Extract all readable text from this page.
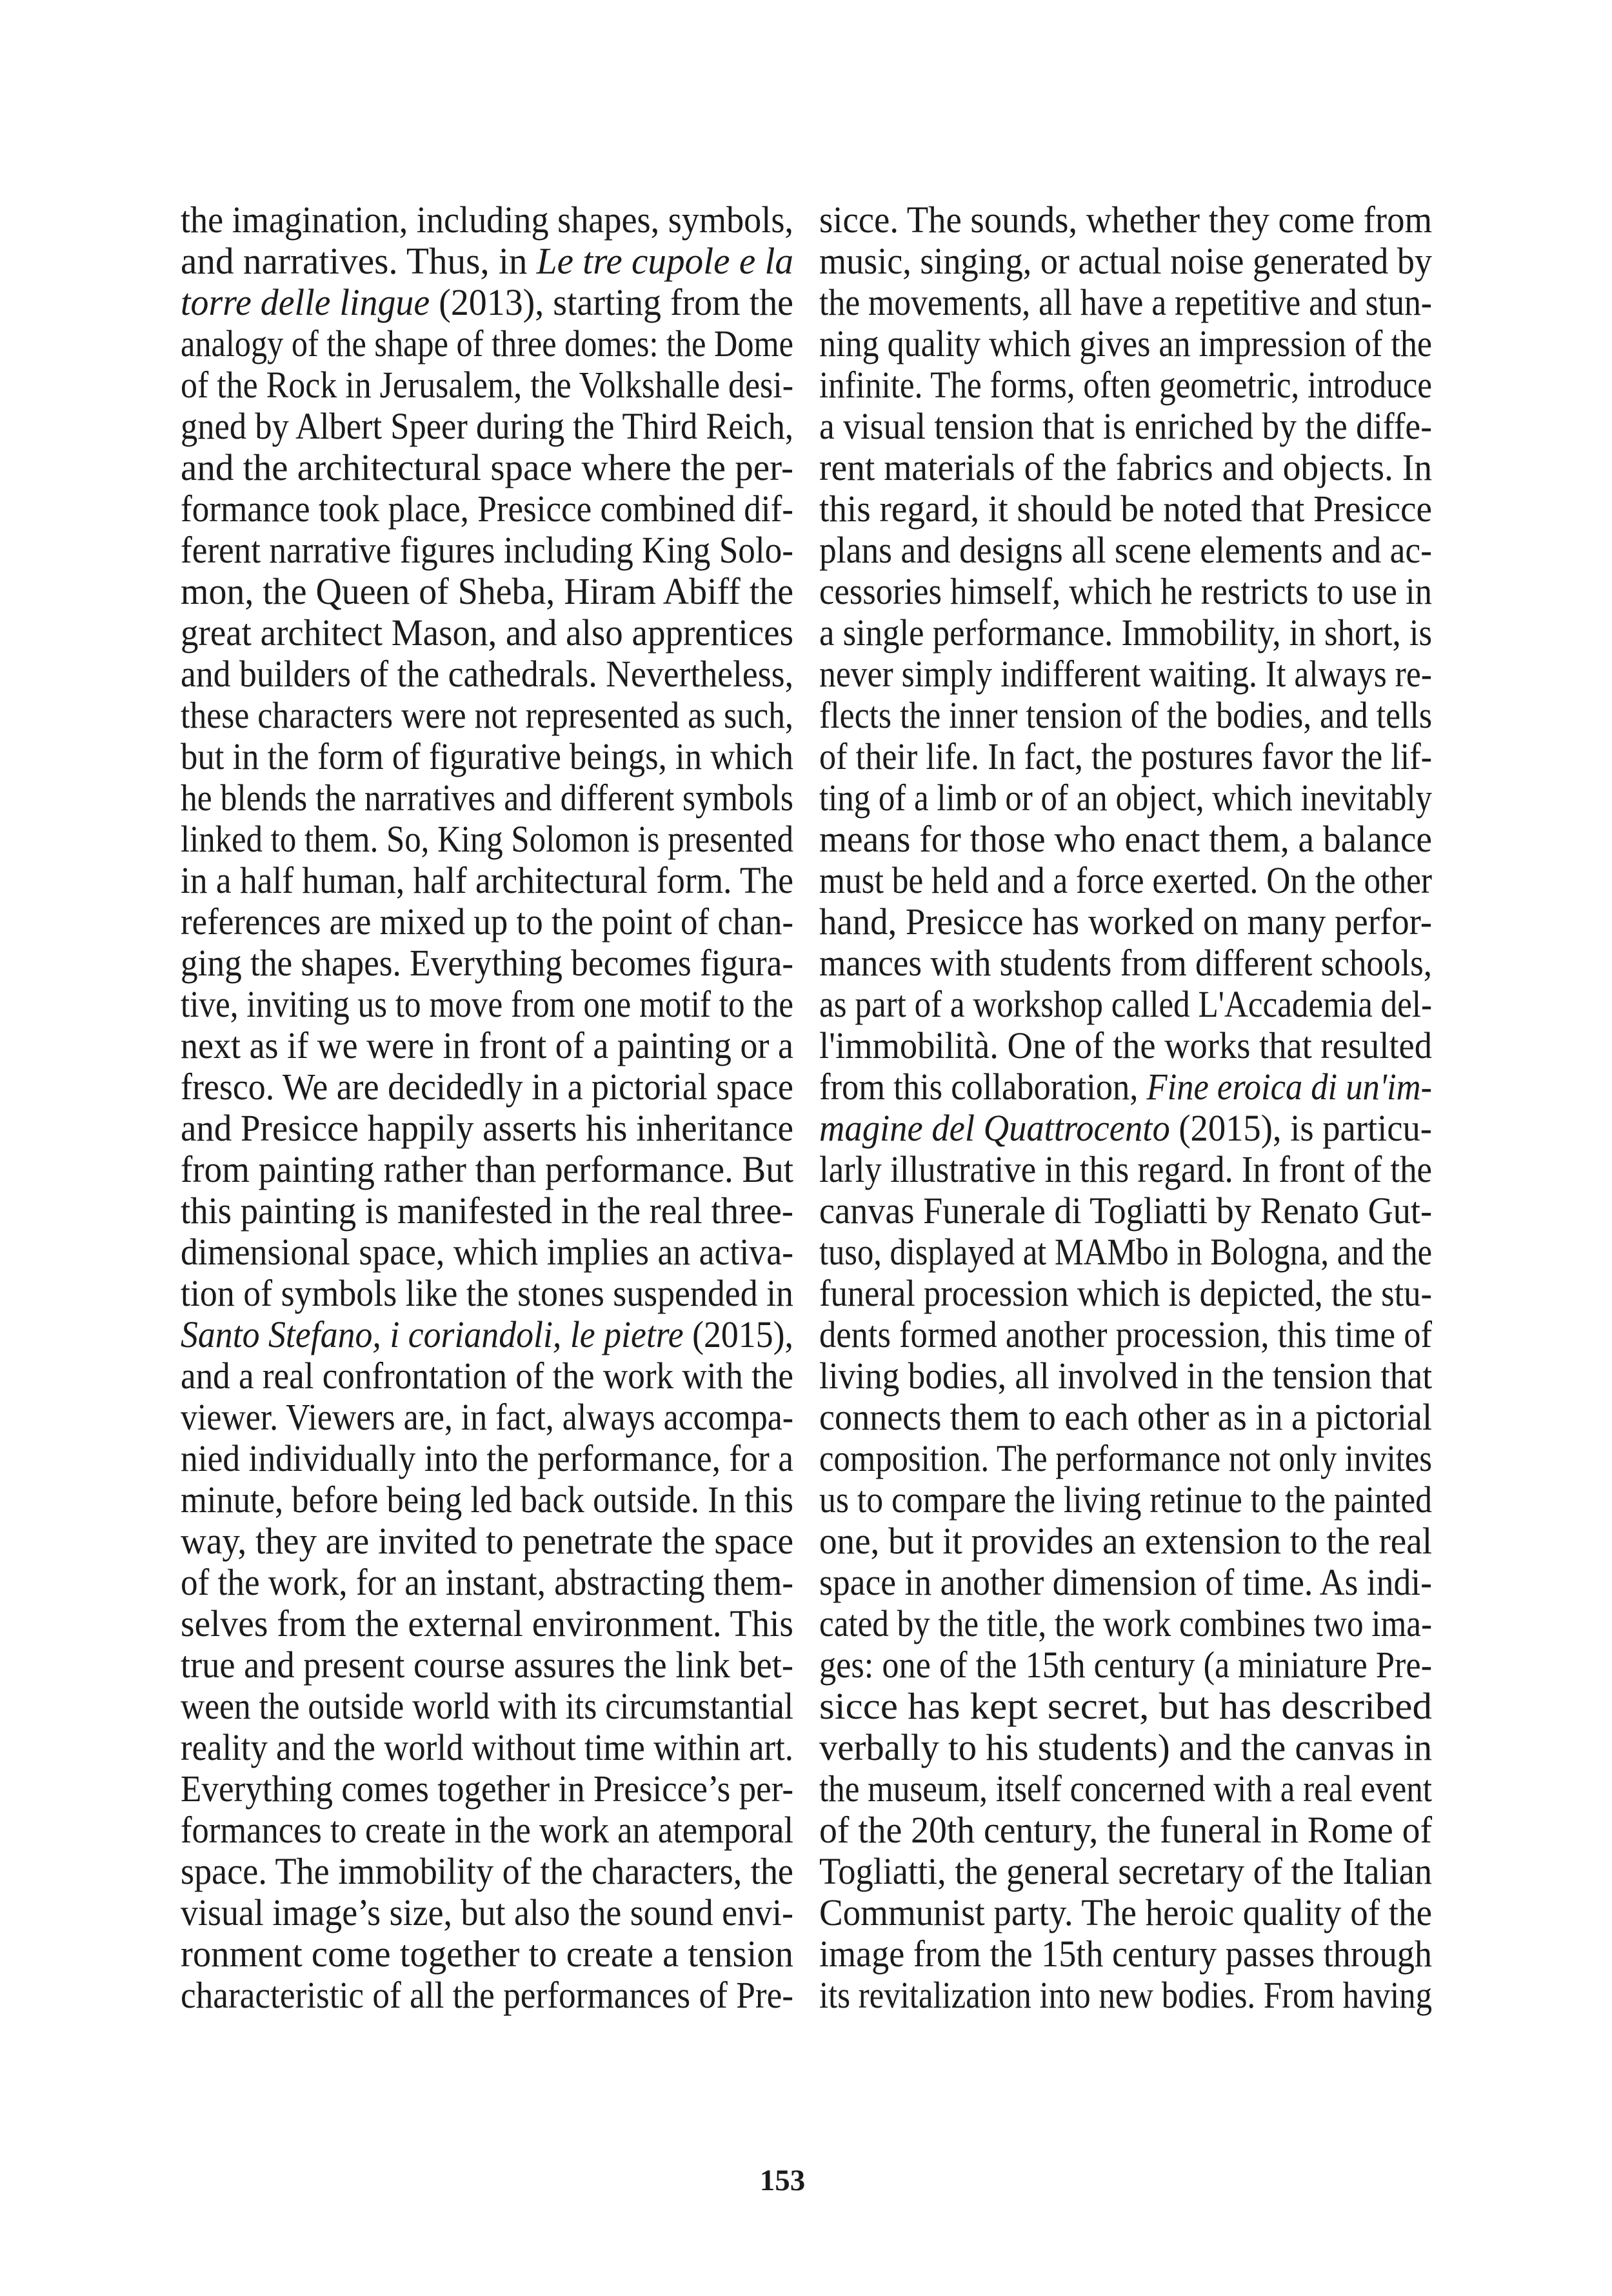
the imagination, including shapes, symbols,
and narratives. Thus, in Le tre cupole e la
torre delle lingue (2013), starting from the
analogy of the shape of three domes: the Dome
of the Rock in Jerusalem, the Volkshalle desi-
gned by Albert Speer during the Third Reich,
and the architectural space where the per-
formance took place, Presicce combined dif-
ferent narrative figures including King Solo-
mon, the Queen of Sheba, Hiram Abiff the
great architect Mason, and also apprentices
and builders of the cathedrals. Nevertheless,
these characters were not represented as such,
but in the form of figurative beings, in which
he blends the narratives and different symbols
linked to them. So, King Solomon is presented
in a half human, half architectural form. The
references are mixed up to the point of chan-
ging the shapes. Everything becomes figura-
tive, inviting us to move from one motif to the
next as if we were in front of a painting or a
fresco. We are decidedly in a pictorial space
and Presicce happily asserts his inheritance
from painting rather than performance. But
this painting is manifested in the real three-
dimensional space, which implies an activa-
tion of symbols like the stones suspended in
Santo Stefano, i coriandoli, le pietre (2015),
and a real confrontation of the work with the
viewer. Viewers are, in fact, always accompa-
nied individually into the performance, for a
minute, before being led back outside. In this
way, they are invited to penetrate the space
of the work, for an instant, abstracting them-
selves from the external environment. This
true and present course assures the link bet-
ween the outside world with its circumstantial
reality and the world without time within art.
Everything comes together in Presicce’s per-
formances to create in the work an atemporal
space. The immobility of the characters, the
visual image’s size, but also the sound envi-
ronment come together to create a tension
characteristic of all the performances of Pre-
sicce. The sounds, whether they come from
music, singing, or actual noise generated by
the movements, all have a repetitive and stun-
ning quality which gives an impression of the
infinite. The forms, often geometric, introduce
a visual tension that is enriched by the diffe-
rent materials of the fabrics and objects. In
this regard, it should be noted that Presicce
plans and designs all scene elements and ac-
cessories himself, which he restricts to use in
a single performance. Immobility, in short, is
never simply indifferent waiting. It always re-
flects the inner tension of the bodies, and tells
of their life. In fact, the postures favor the lif-
ting of a limb or of an object, which inevitably
means for those who enact them, a balance
must be held and a force exerted. On the other
hand, Presicce has worked on many perfor-
mances with students from different schools,
as part of a workshop called L'Accademia del-
l'immobilità. One of the works that resulted
from this collaboration, Fine eroica di un'im-
magine del Quattrocento (2015), is particu-
larly illustrative in this regard. In front of the
canvas Funerale di Togliatti by Renato Gut-
tuso, displayed at MAMbo in Bologna, and the
funeral procession which is depicted, the stu-
dents formed another procession, this time of
living bodies, all involved in the tension that
connects them to each other as in a pictorial
composition. The performance not only invites
us to compare the living retinue to the painted
one, but it provides an extension to the real
space in another dimension of time. As indi-
cated by the title, the work combines two ima-
ges: one of the 15th century (a miniature Pre-
sicce has kept secret, but has described
verbally to his students) and the canvas in
the museum, itself concerned with a real event
of the 20th century, the funeral in Rome of
Togliatti, the general secretary of the Italian
Communist party. The heroic quality of the
image from the 15th century passes through
its revitalization into new bodies. From having
153
